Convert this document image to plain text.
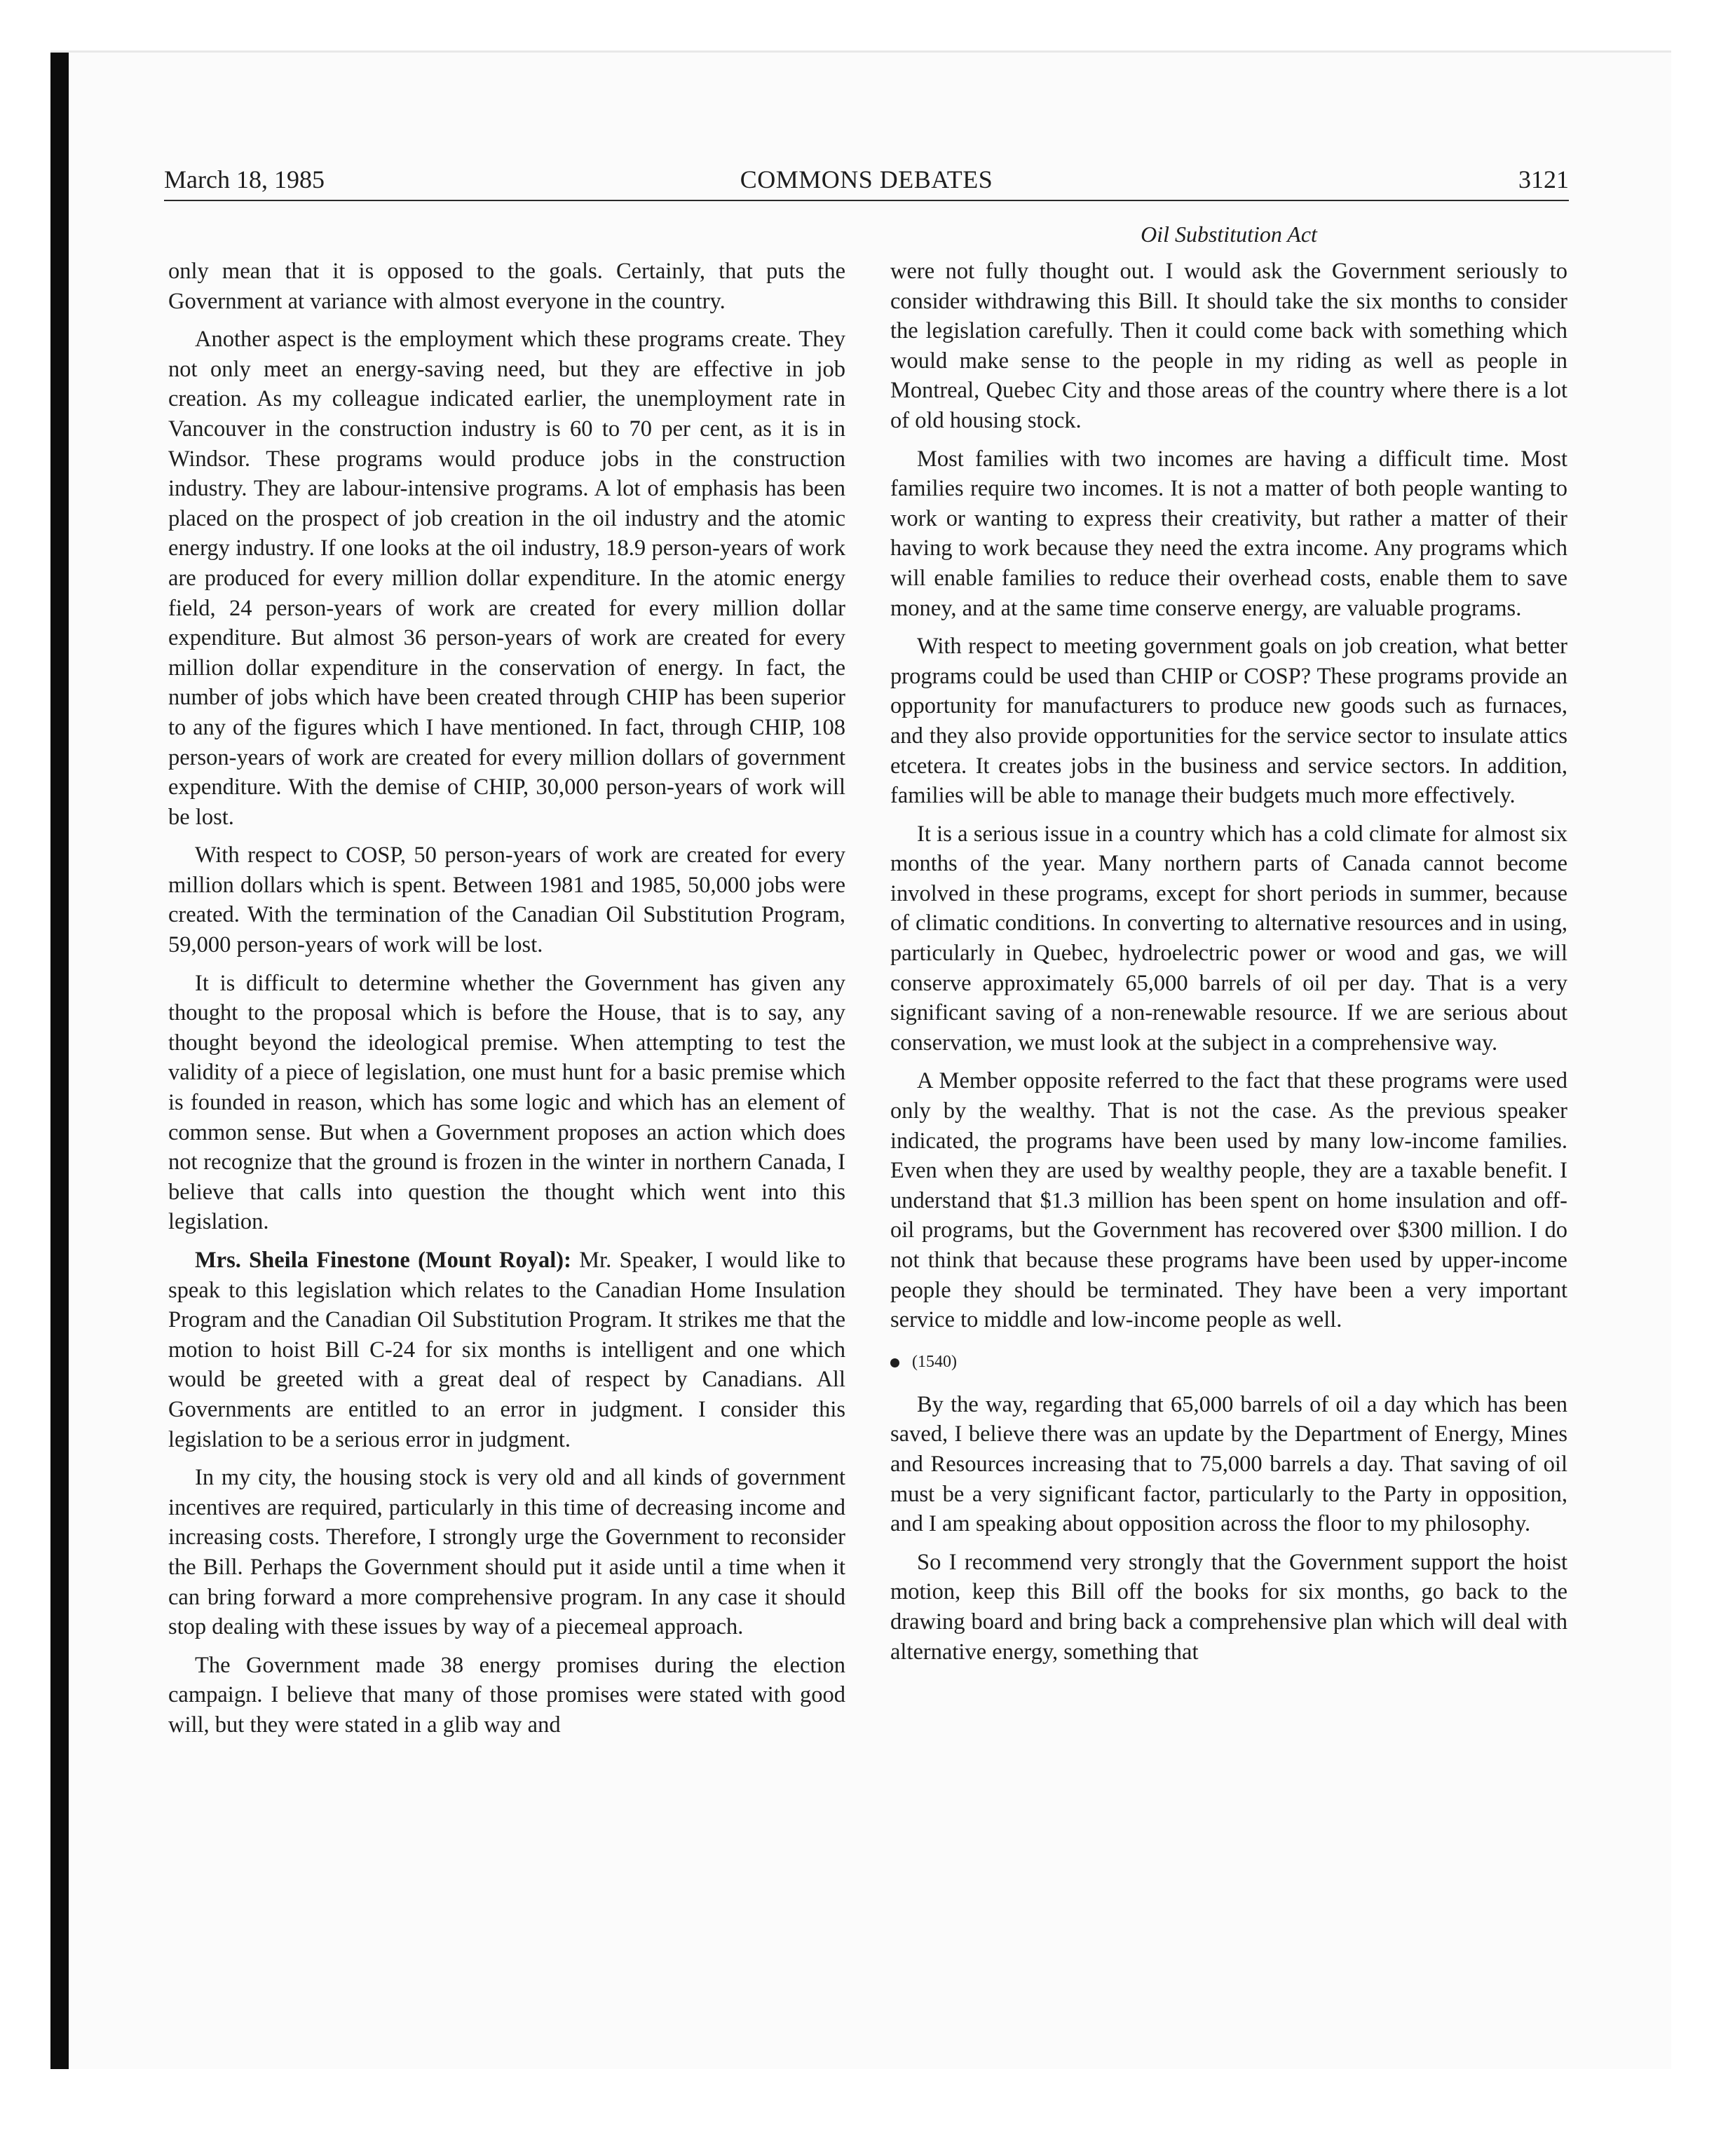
March 18, 1985	COMMONS DEBATES	3121
Oil Substitution Act

only mean that it is opposed to the goals. Certainly, that puts the Government at variance with almost everyone in the country.

Another aspect is the employment which these programs create. They not only meet an energy-saving need, but they are effective in job creation. As my colleague indicated earlier, the unemployment rate in Vancouver in the construction industry is 60 to 70 per cent, as it is in Windsor. These programs would produce jobs in the construction industry. They are labour-intensive programs. A lot of emphasis has been placed on the prospect of job creation in the oil industry and the atomic energy industry. If one looks at the oil industry, 18.9 person-years of work are produced for every million dollar expenditure. In the atomic energy field, 24 person-years of work are created for every million dollar expenditure. But almost 36 person-years of work are created for every million dollar expenditure in the conservation of energy. In fact, the number of jobs which have been created through CHIP has been superior to any of the figures which I have mentioned. In fact, through CHIP, 108 person-years of work are created for every million dollars of government expenditure. With the demise of CHIP, 30,000 person-years of work will be lost.

With respect to COSP, 50 person-years of work are created for every million dollars which is spent. Between 1981 and 1985, 50,000 jobs were created. With the termination of the Canadian Oil Substitution Program, 59,000 person-years of work will be lost.

It is difficult to determine whether the Government has given any thought to the proposal which is before the House, that is to say, any thought beyond the ideological premise. When attempting to test the validity of a piece of legislation, one must hunt for a basic premise which is founded in reason, which has some logic and which has an element of common sense. But when a Government proposes an action which does not recognize that the ground is frozen in the winter in northern Canada, I believe that calls into question the thought which went into this legislation.

Mrs. Sheila Finestone (Mount Royal): Mr. Speaker, I would like to speak to this legislation which relates to the Canadian Home Insulation Program and the Canadian Oil Substitution Program. It strikes me that the motion to hoist Bill C-24 for six months is intelligent and one which would be greeted with a great deal of respect by Canadians. All Governments are entitled to an error in judgment. I consider this legislation to be a serious error in judgment.

In my city, the housing stock is very old and all kinds of government incentives are required, particularly in this time of decreasing income and increasing costs. Therefore, I strongly urge the Government to reconsider the Bill. Perhaps the Government should put it aside until a time when it can bring forward a more comprehensive program. In any case it should stop dealing with these issues by way of a piecemeal approach.

The Government made 38 energy promises during the election campaign. I believe that many of those promises were stated with good will, but they were stated in a glib way and

were not fully thought out. I would ask the Government seriously to consider withdrawing this Bill. It should take the six months to consider the legislation carefully. Then it could come back with something which would make sense to the people in my riding as well as people in Montreal, Quebec City and those areas of the country where there is a lot of old housing stock.

Most families with two incomes are having a difficult time. Most families require two incomes. It is not a matter of both people wanting to work or wanting to express their creativity, but rather a matter of their having to work because they need the extra income. Any programs which will enable families to reduce their overhead costs, enable them to save money, and at the same time conserve energy, are valuable programs.

With respect to meeting government goals on job creation, what better programs could be used than CHIP or COSP? These programs provide an opportunity for manufacturers to produce new goods such as furnaces, and they also provide opportunities for the service sector to insulate attics etcetera. It creates jobs in the business and service sectors. In addition, families will be able to manage their budgets much more effectively.

It is a serious issue in a country which has a cold climate for almost six months of the year. Many northern parts of Canada cannot become involved in these programs, except for short periods in summer, because of climatic conditions. In converting to alternative resources and in using, particularly in Quebec, hydroelectric power or wood and gas, we will conserve approximately 65,000 barrels of oil per day. That is a very significant saving of a non-renewable resource. If we are serious about conservation, we must look at the subject in a comprehensive way.

A Member opposite referred to the fact that these programs were used only by the wealthy. That is not the case. As the previous speaker indicated, the programs have been used by many low-income families. Even when they are used by wealthy people, they are a taxable benefit. I understand that $1.3 million has been spent on home insulation and off-oil programs, but the Government has recovered over $300 million. I do not think that because these programs have been used by upper-income people they should be terminated. They have been a very important service to middle and low-income people as well.

(1540)

By the way, regarding that 65,000 barrels of oil a day which has been saved, I believe there was an update by the Department of Energy, Mines and Resources increasing that to 75,000 barrels a day. That saving of oil must be a very significant factor, particularly to the Party in opposition, and I am speaking about opposition across the floor to my philosophy.

So I recommend very strongly that the Government support the hoist motion, keep this Bill off the books for six months, go back to the drawing board and bring back a comprehensive plan which will deal with alternative energy, something that
